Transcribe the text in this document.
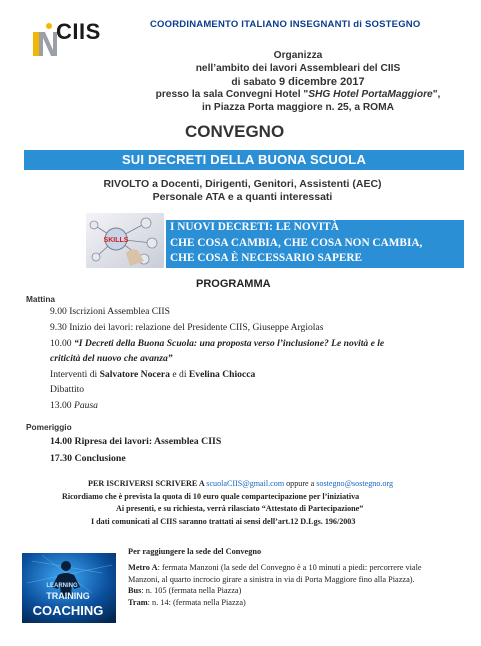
CIIS	COORDINAMENTO ITALIANO INSEGNANTI di SOSTEGNO
Organizza
nell’ambito dei lavori Assembleari del CIIS
di sabato 9 dicembre 2017
presso la sala Convegni Hotel "SHG Hotel PortaMaggiore",
in Piazza Porta maggiore n. 25, a ROMA
CONVEGNO
SUI DECRETI DELLA BUONA SCUOLA
RIVOLTO a Docenti, Dirigenti, Genitori, Assistenti (AEC)
Personale ATA e a quanti interessati
SKILLS
I NUOVI DECRETI: LE NOVITÀ
CHE COSA CAMBIA, CHE COSA NON CAMBIA,
CHE COSA È NECESSARIO SAPERE
PROGRAMMA
Mattina
9.00 Iscrizioni Assemblea CIIS
9.30 Inizio dei lavori: relazione del Presidente CIIS, Giuseppe Argiolas
10.00 “I Decreti della Buona Scuola: una proposta verso l’inclusione? Le novità e le
criticità del nuovo che avanza”
Interventi di Salvatore Nocera e di Evelina Chiocca
Dibattito
13.00 Pausa
Pomeriggio
14.00 Ripresa dei lavori: Assemblea CIIS
17.30 Conclusione
PER ISCRIVERSI SCRIVERE A scuolaCIIS@gmail.com oppure a sostegno@sostegno.org
Ricordiamo che è prevista la quota di 10 euro quale compartecipazione per l’iniziativa
Ai presenti, e su richiesta, verrà rilasciato “Attestato di Partecipazione”
I dati comunicati al CIIS saranno trattati ai sensi dell’art.12 D.Lgs. 196/2003
LEARNING
TRAINING
COACHING
Per raggiungere la sede del Convegno
Metro A: fermata Manzoni (la sede del Convegno è a 10 minuti a piedi: percorrere viale
Manzoni, al quarto incrocio girare a sinistra in via di Porta Maggiore fino alla Piazza).
Bus: n. 105 (fermata nella Piazza)
Tram: n. 14: (fermata nella Piazza)
